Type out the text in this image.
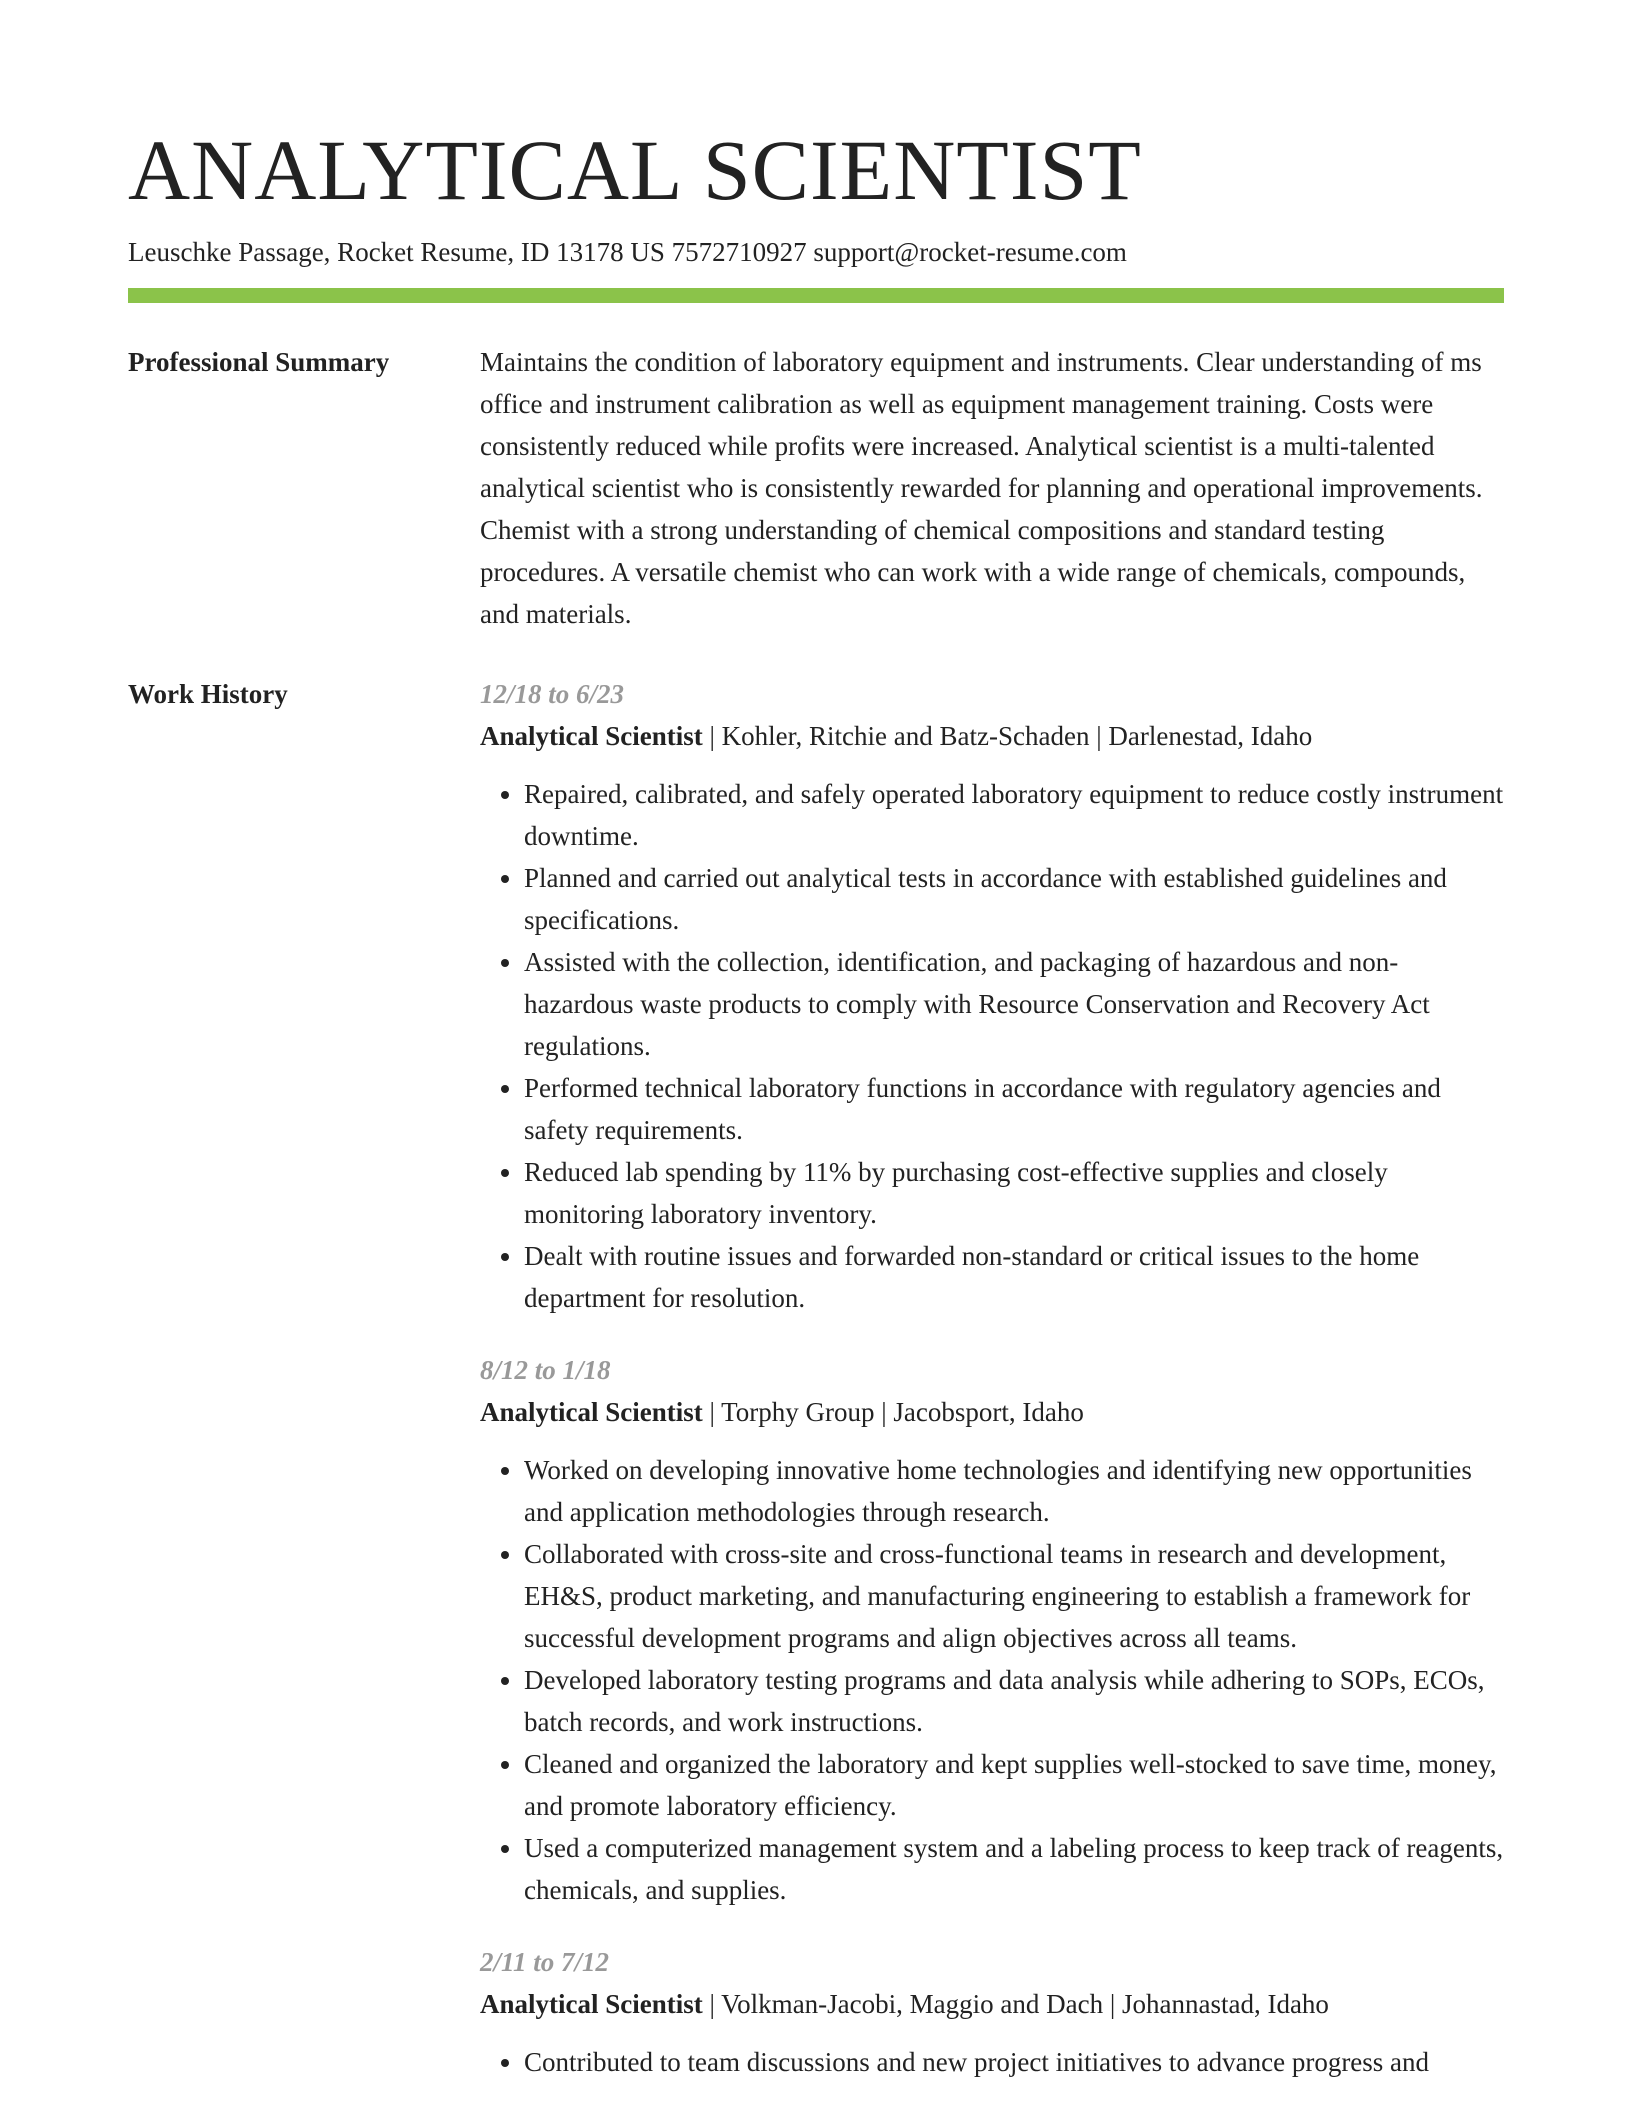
ANALYTICAL SCIENTIST
Leuschke Passage, Rocket Resume, ID 13178 US 7572710927 support@rocket-resume.com
Professional Summary	Maintains the condition of laboratory equipment and instruments. Clear understanding of ms office and instrument calibration as well as equipment management training. Costs were consistently reduced while profits were increased. Analytical scientist is a multi-talented analytical scientist who is consistently rewarded for planning and operational improvements. Chemist with a strong understanding of chemical compositions and standard testing procedures. A versatile chemist who can work with a wide range of chemicals, compounds, and materials.

Work History	12/18 to 6/23
Analytical Scientist | Kohler, Ritchie and Batz-Schaden | Darlenestad, Idaho
• Repaired, calibrated, and safely operated laboratory equipment to reduce costly instrument downtime.
• Planned and carried out analytical tests in accordance with established guidelines and specifications.
• Assisted with the collection, identification, and packaging of hazardous and non-hazardous waste products to comply with Resource Conservation and Recovery Act regulations.
• Performed technical laboratory functions in accordance with regulatory agencies and safety requirements.
• Reduced lab spending by 11% by purchasing cost-effective supplies and closely monitoring laboratory inventory.
• Dealt with routine issues and forwarded non-standard or critical issues to the home department for resolution.
8/12 to 1/18
Analytical Scientist | Torphy Group | Jacobsport, Idaho
• Worked on developing innovative home technologies and identifying new opportunities and application methodologies through research.
• Collaborated with cross-site and cross-functional teams in research and development, EH&S, product marketing, and manufacturing engineering to establish a framework for successful development programs and align objectives across all teams.
• Developed laboratory testing programs and data analysis while adhering to SOPs, ECOs, batch records, and work instructions.
• Cleaned and organized the laboratory and kept supplies well-stocked to save time, money, and promote laboratory efficiency.
• Used a computerized management system and a labeling process to keep track of reagents, chemicals, and supplies.
2/11 to 7/12
Analytical Scientist | Volkman-Jacobi, Maggio and Dach | Johannastad, Idaho
• Contributed to team discussions and new project initiatives to advance progress and
